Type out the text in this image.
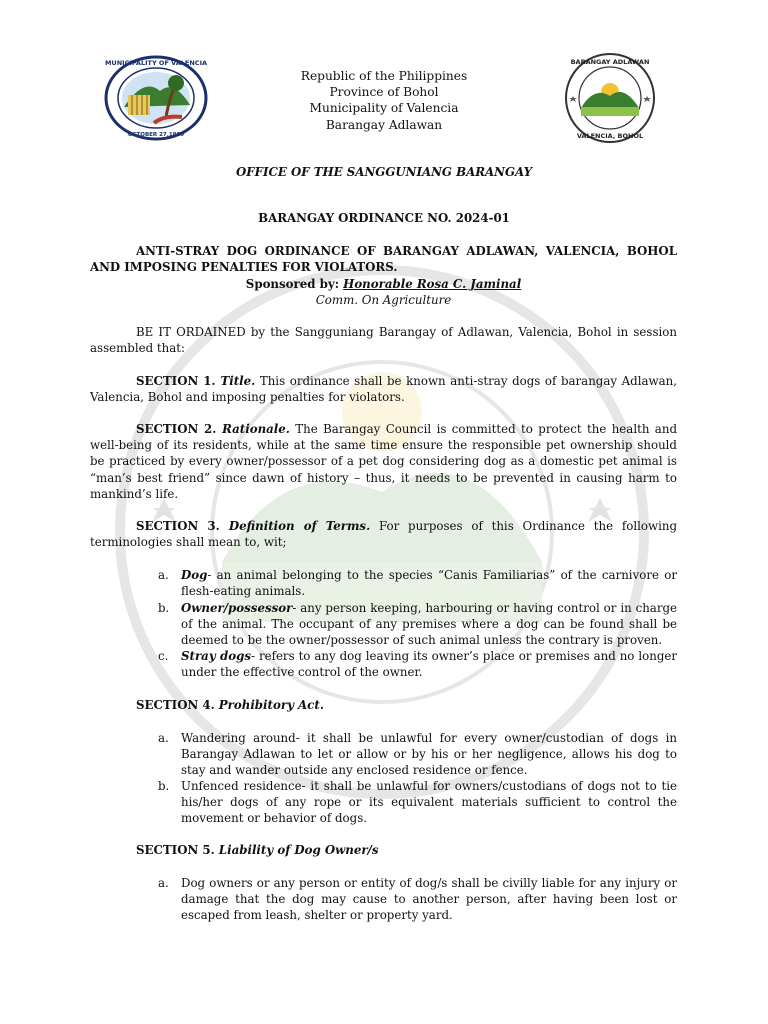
MUNICIPALITY OF VALENCIA
OCTOBER 27,1869
BARANGAY ADLAWAN
VALENCIA, BOHOL
Republic of the Philippines
Province of Bohol
Municipality of Valencia
Barangay Adlawan
OFFICE OF THE SANGGUNIANG BARANGAY
BARANGAY ORDINANCE NO. 2024-01
ANTI-STRAY DOG ORDINANCE OF BARANGAY ADLAWAN, VALENCIA, BOHOL AND IMPOSING PENALTIES FOR VIOLATORS.
Sponsored by: Honorable Rosa C. Jaminal
Comm. On Agriculture
BE IT ORDAINED by the Sangguniang Barangay of Adlawan, Valencia, Bohol in session assembled that:
SECTION 1. Title. This ordinance shall be known anti-stray dogs of barangay Adlawan, Valencia, Bohol and imposing penalties for violators.
SECTION 2. Rationale. The Barangay Council is committed to protect the health and well-being of its residents, while at the same time ensure the responsible pet ownership should be practiced by every owner/possessor of a pet dog considering dog as a domestic pet animal is “man’s best friend” since dawn of history – thus, it needs to be prevented in causing harm to mankind’s life.
SECTION 3. Definition of Terms. For purposes of this Ordinance the following terminologies shall mean to, wit;
a. Dog- an animal belonging to the species “Canis Familiarias” of the carnivore or flesh-eating animals.
b. Owner/possessor- any person keeping, harbouring or having control or in charge of the animal. The occupant of any premises where a dog can be found shall be deemed to be the owner/possessor of such animal unless the contrary is proven.
c. Stray dogs- refers to any dog leaving its owner’s place or premises and no longer under the effective control of the owner.
SECTION 4. Prohibitory Act.
a. Wandering around- it shall be unlawful for every owner/custodian of dogs in Barangay Adlawan to let or allow or by his or her negligence, allows his dog to stay and wander outside any enclosed residence or fence.
b. Unfenced residence- it shall be unlawful for owners/custodians of dogs not to tie his/her dogs of any rope or its equivalent materials sufficient to control the movement or behavior of dogs.
SECTION 5. Liability of Dog Owner/s
a. Dog owners or any person or entity of dog/s shall be civilly liable for any injury or damage that the dog may cause to another person, after having been lost or escaped from leash, shelter or property yard.
